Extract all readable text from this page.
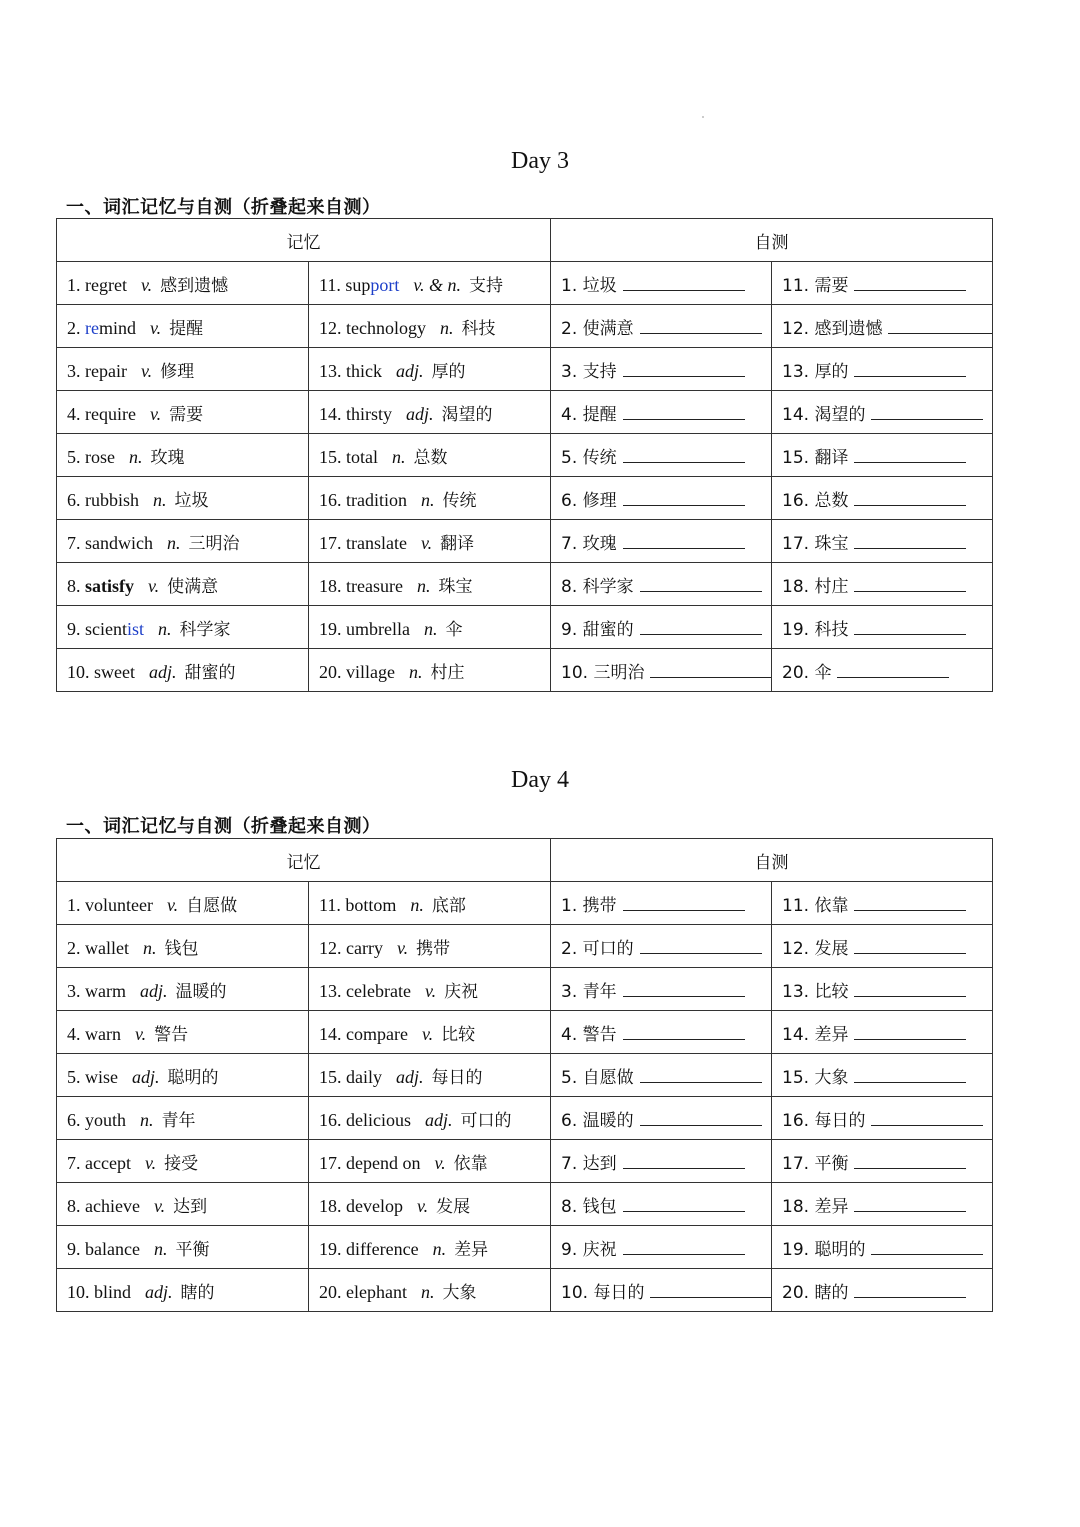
Day 3
一、词汇记忆与自测（折叠起来自测）
记忆		自测	
1. regret v. 感到遗憾	11. support v. & n. 支持	1. 垃圾	11. 需要
2. remind v. 提醒	12. technology n. 科技	2. 使满意	12. 感到遗憾
3. repair v. 修理	13. thick adj. 厚的	3. 支持	13. 厚的
4. require v. 需要	14. thirsty adj. 渴望的	4. 提醒	14. 渴望的
5. rose n. 玫瑰	15. total n. 总数	5. 传统	15. 翻译
6. rubbish n. 垃圾	16. tradition n. 传统	6. 修理	16. 总数
7. sandwich n. 三明治	17. translate v. 翻译	7. 玫瑰	17. 珠宝
8. satisfy v. 使满意	18. treasure n. 珠宝	8. 科学家	18. 村庄
9. scientist n. 科学家	19. umbrella n. 伞	9. 甜蜜的	19. 科技
10. sweet adj. 甜蜜的	20. village n. 村庄	10. 三明治	20. 伞
Day 4
一、词汇记忆与自测（折叠起来自测）
记忆		自测	
1. volunteer v. 自愿做	11. bottom n. 底部	1. 携带	11. 依靠
2. wallet n. 钱包	12. carry v. 携带	2. 可口的	12. 发展
3. warm adj. 温暖的	13. celebrate v. 庆祝	3. 青年	13. 比较
4. warn v. 警告	14. compare v. 比较	4. 警告	14. 差异
5. wise adj. 聪明的	15. daily adj. 每日的	5. 自愿做	15. 大象
6. youth n. 青年	16. delicious adj. 可口的	6. 温暖的	16. 每日的
7. accept v. 接受	17. depend on v. 依靠	7. 达到	17. 平衡
8. achieve v. 达到	18. develop v. 发展	8. 钱包	18. 差异
9. balance n. 平衡	19. difference n. 差异	9. 庆祝	19. 聪明的
10. blind adj. 瞎的	20. elephant n. 大象	10. 每日的	20. 瞎的
